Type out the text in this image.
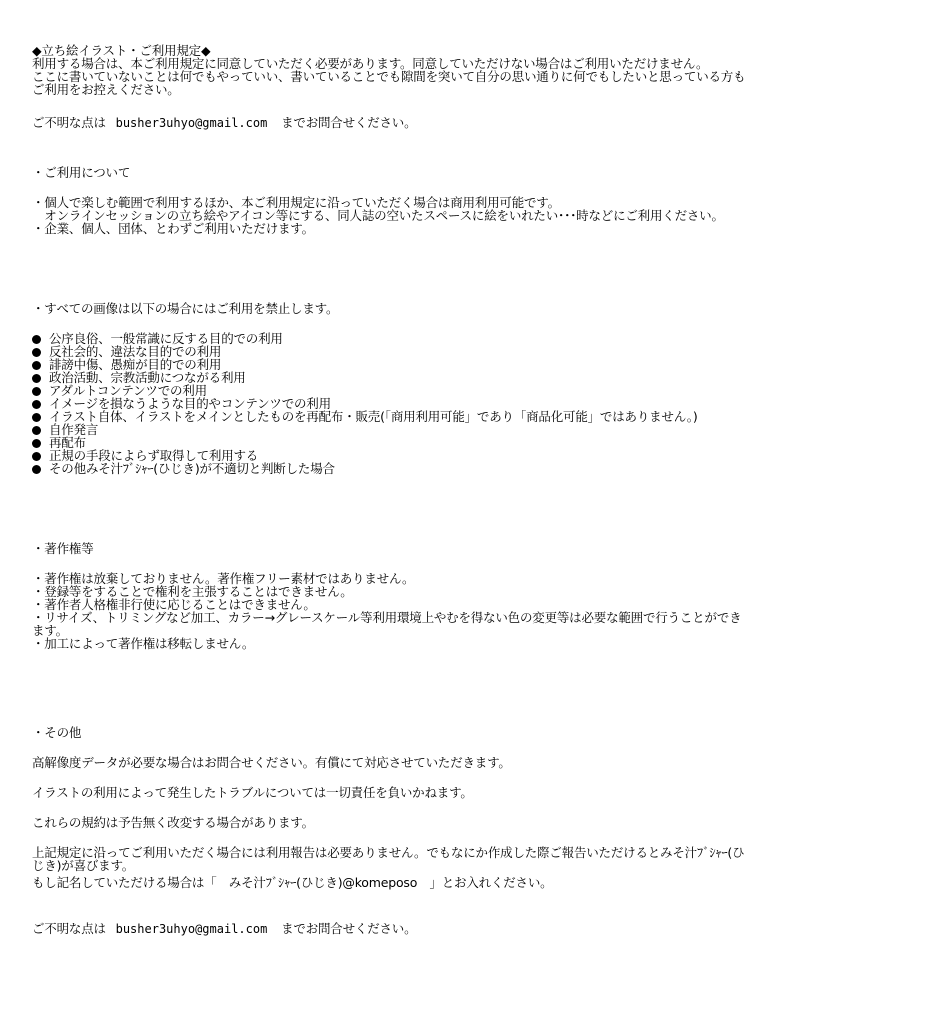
◆立ち絵イラスト・ご利用規定◆
利用する場合は、本ご利用規定に同意していただく必要があります。同意していただけない場合はご利用いただけません。
ここに書いていないことは何でもやっていい、書いていることでも隙間を突いて自分の思い通りに何でもしたいと思っている方も
ご利用をお控えください。
ご不明な点は busher3uhyo@gmail.com までお問合せください。
・ご利用について
・個人で楽しむ範囲で利用するほか、本ご利用規定に沿っていただく場合は商用利用可能です。
　オンラインセッションの立ち絵やアイコン等にする、同人誌の空いたスペースに絵をいれたい･･･時などにご利用ください。
・企業、個人、団体、とわずご利用いただけます。
・すべての画像は以下の場合にはご利用を禁止します。
公序良俗、一般常識に反する目的での利用
反社会的、違法な目的での利用
誹謗中傷、愚痴が目的での利用
政治活動、宗教活動につながる利用
アダルトコンテンツでの利用
イメージを損なうような目的やコンテンツでの利用
イラスト自体、イラストをメインとしたものを再配布・販売(「商用利用可能」であり「商品化可能」ではありません。)
自作発言
再配布
正規の手段によらず取得して利用する
その他みそ汁ﾌﾞｼｬｰ(ひじき)が不適切と判断した場合
・著作権等
・著作権は放棄しておりません。著作権フリー素材ではありません。
・登録等をすることで権利を主張することはできません。
・著作者人格権非行使に応じることはできません。
・リサイズ、トリミングなど加工、カラー→グレースケール等利用環境上やむを得ない色の変更等は必要な範囲で行うことができ
ます。
・加工によって著作権は移転しません。
・その他
高解像度データが必要な場合はお問合せください。有償にて対応させていただきます。
イラストの利用によって発生したトラブルについては一切責任を負いかねます。
これらの規約は予告無く改変する場合があります。
上記規定に沿ってご利用いただく場合には利用報告は必要ありません。でもなにか作成した際ご報告いただけるとみそ汁ﾌﾞｼｬｰ(ひ
じき)が喜びます。
もし記名していただける場合は「　みそ汁ﾌﾞｼｬｰ(ひじき)@komeposo　」とお入れください。
ご不明な点は busher3uhyo@gmail.com までお問合せください。
